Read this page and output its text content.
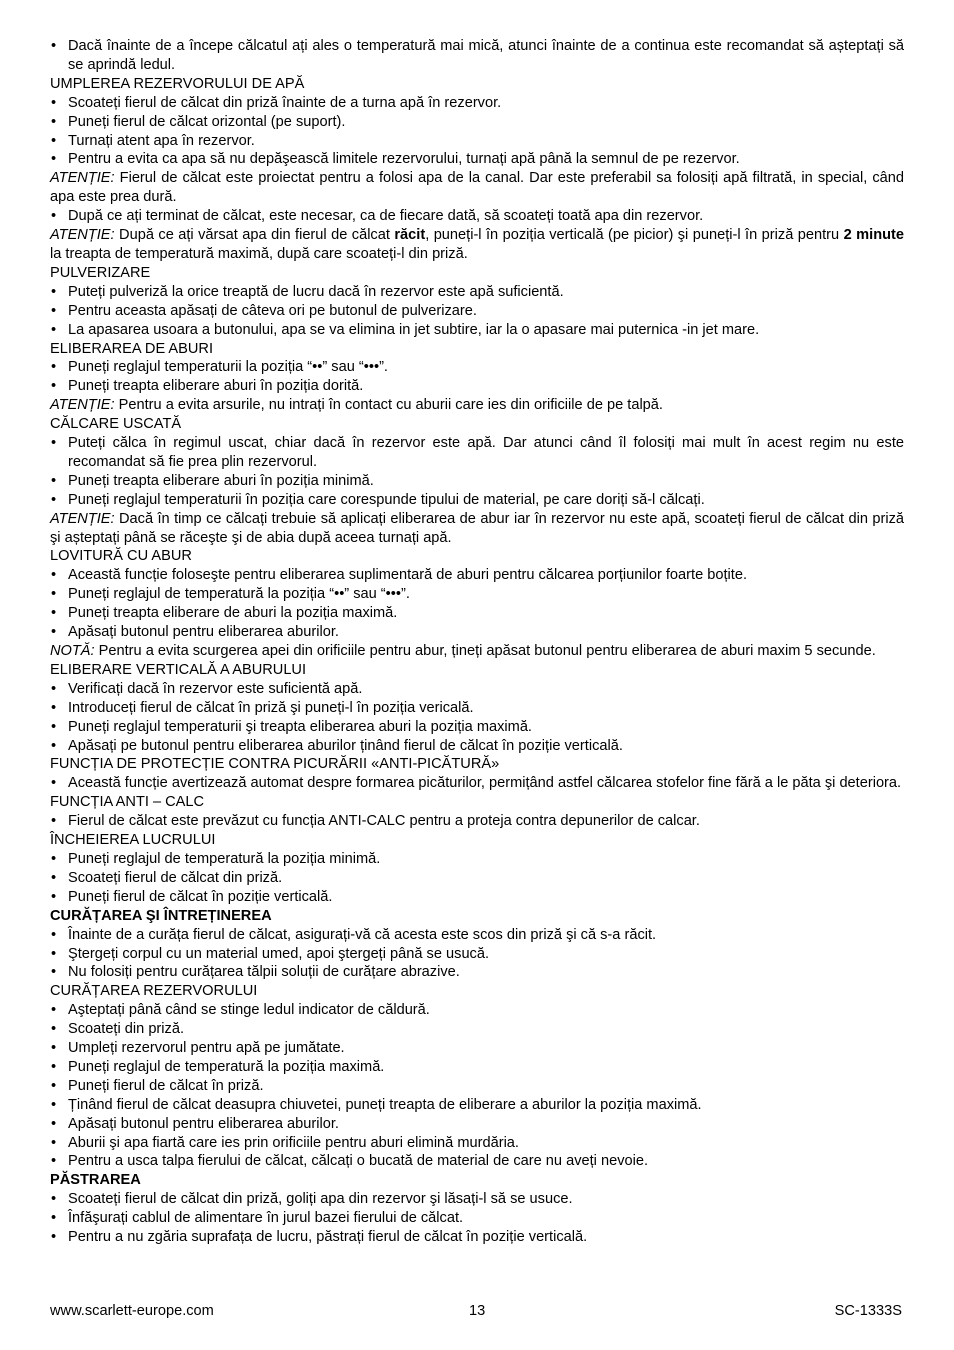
• Dacă înainte de a începe călcatul ați ales o temperatură mai mică, atunci înainte de a continua este recomandat să așteptați să se aprindă ledul.
UMPLEREA REZERVORULUI DE APĂ
• Scoateți fierul de călcat din priză înainte de a turna apă în rezervor.
• Puneți fierul de călcat orizontal (pe suport).
• Turnați atent apa în rezervor.
• Pentru a evita ca apa să nu depăşească limitele rezervorului, turnați apă până la semnul de pe rezervor.
ATENȚIE: Fierul de călcat este proiectat pentru a folosi apa de la canal. Dar este preferabil sa folosiți apă filtrată, in special, când apa este prea dură.
• După ce ați terminat de călcat, este necesar, ca de fiecare dată, să scoateți toată apa din rezervor.
ATENȚIE: După ce ați vărsat apa din fierul de călcat răcit, puneți-l în poziția verticală (pe picior) şi puneți-l în priză pentru 2 minute la treapta de temperatură maximă, după care scoateți-l din priză.
PULVERIZARE
• Puteți pulveriză la orice treaptă de lucru dacă în rezervor este apă suficientă.
• Pentru aceasta apăsați de câteva ori pe butonul de pulverizare.
• La apasarea usoara a butonului, apa se va elimina in jet subtire, iar la o apasare mai puternica -in jet mare.
ELIBERAREA DE ABURI
• Puneți reglajul temperaturii la poziția “••” sau “•••”.
• Puneți treapta eliberare aburi în poziția dorită.
ATENȚIE: Pentru a evita arsurile, nu intrați în contact cu aburii care ies din orificiile de pe talpă.
CĂLCARE USCATĂ
• Puteți călca în regimul uscat, chiar dacă în rezervor este apă. Dar atunci când îl folosiți mai mult în acest regim nu este recomandat să fie prea plin rezervorul.
• Puneți treapta eliberare aburi în poziția minimă.
• Puneți reglajul temperaturii în poziția care corespunde tipului de material, pe care doriți să-l călcați.
ATENȚIE: Dacă în timp ce călcați trebuie să aplicați eliberarea de abur iar în rezervor nu este apă, scoateți fierul de călcat din priză şi așteptați până se răceşte şi de abia după aceea turnați apă.
LOVITURĂ CU ABUR
• Această funcție foloseşte pentru eliberarea suplimentară de aburi pentru călcarea porțiunilor foarte boțite.
• Puneți reglajul de temperatură la poziția “••” sau “•••”.
• Puneți treapta eliberare de aburi la poziția maximă.
• Apăsați butonul pentru eliberarea aburilor.
NOTĂ: Pentru a evita scurgerea apei din orificiile pentru abur, țineți apăsat butonul pentru eliberarea de aburi maxim 5 secunde.
ELIBERARE VERTICALĂ A ABURULUI
• Verificați dacă în rezervor este suficientă apă.
• Introduceți fierul de călcat în priză şi puneți-l în poziția vericală.
• Puneți reglajul temperaturii şi treapta eliberarea aburi la poziția maximă.
• Apăsați pe butonul pentru eliberarea aburilor ținând fierul de călcat în poziție verticală.
FUNCȚIA DE PROTECȚIE CONTRA PICURĂRII «ANTI-PICĂTURĂ»
• Această funcție avertizează automat despre formarea picăturilor, permițând astfel călcarea stofelor fine fără a le păta şi deteriora.
FUNCȚIA ANTI – CALC
• Fierul de călcat este prevăzut cu funcția ANTI-CALC pentru a proteja contra depunerilor de calcar.
ÎNCHEIEREA LUCRULUI
• Puneți reglajul de temperatură la poziția minimă.
• Scoateți fierul de călcat din priză.
• Puneți fierul de călcat în poziție verticală.
CURĂȚAREA ŞI ÎNTREȚINEREA
• Înainte de a curăța fierul de călcat, asigurați-vă că acesta este scos din priză şi că s-a răcit.
• Ştergeți corpul cu un material umed, apoi ştergeți până se usucă.
• Nu folosiți pentru curățarea tălpii soluții de curățare abrazive.
CURĂȚAREA REZERVORULUI
• Aşteptați până când se stinge ledul indicator de căldură.
• Scoateți din priză.
• Umpleți rezervorul pentru apă pe jumătate.
• Puneți reglajul de temperatură la poziția maximă.
• Puneți fierul de călcat în priză.
• Ținând fierul de călcat deasupra chiuvetei, puneți treapta de eliberare a aburilor la poziția maximă.
• Apăsați butonul pentru eliberarea aburilor.
• Aburii şi apa fiartă care ies prin orificiile pentru aburi elimină murdăria.
• Pentru a usca talpa fierului de călcat, călcați o bucată de material de care nu aveți nevoie.
PĂSTRAREA
• Scoateți fierul de călcat din priză, goliți apa din rezervor şi lăsați-l să se usuce.
• Înfăşurați cablul de alimentare în jurul bazei fierului de călcat.
• Pentru a nu zgăria suprafața de lucru, păstrați fierul de călcat în poziție verticală.
www.scarlett-europe.com	13	SC-1333S
